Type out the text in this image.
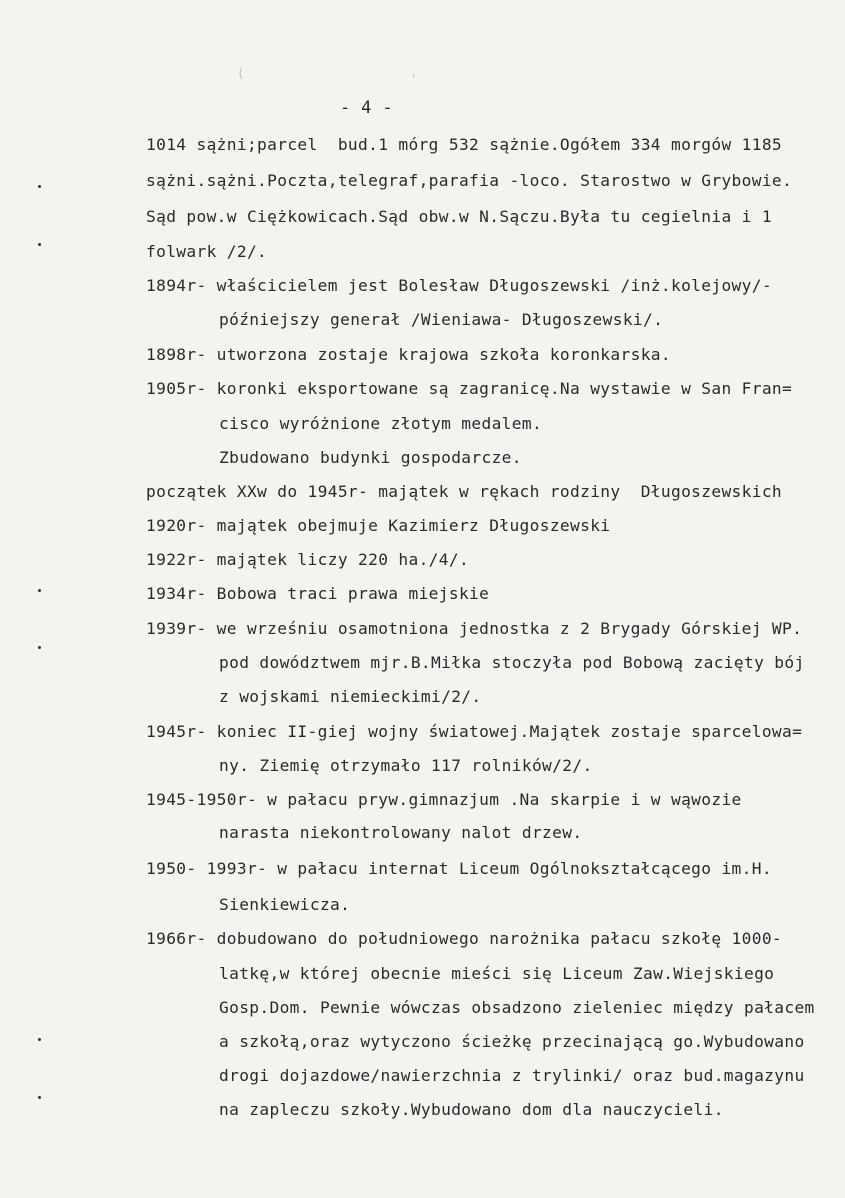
(	'
- 4 -
1014 sążni;parcel  bud.1 mórg 532 sążnie.Ogółem 334 morgów 1185
sążni.sążni.Poczta,telegraf,parafia -loco. Starostwo w Grybowie.
Sąd pow.w Ciężkowicach.Sąd obw.w N.Sączu.Była tu cegielnia i 1
folwark /2/.
1894r- właścicielem jest Bolesław Długoszewski /inż.kolejowy/-
późniejszy generał /Wieniawa- Długoszewski/.
1898r- utworzona zostaje krajowa szkoła koronkarska.
1905r- koronki eksportowane są zagranicę.Na wystawie w San Fran=
cisco wyróżnione złotym medalem.
Zbudowano budynki gospodarcze.
początek XXw do 1945r- majątek w rękach rodziny  Długoszewskich
1920r- majątek obejmuje Kazimierz Długoszewski
1922r- majątek liczy 220 ha./4/.
1934r- Bobowa traci prawa miejskie
1939r- we wrześniu osamotniona jednostka z 2 Brygady Górskiej WP.
pod dowództwem mjr.B.Miłka stoczyła pod Bobową zacięty bój
z wojskami niemieckimi/2/.
1945r- koniec II-giej wojny światowej.Majątek zostaje sparcelowa=
ny. Ziemię otrzymało 117 rolników/2/.
1945-1950r- w pałacu pryw.gimnazjum .Na skarpie i w wąwozie
narasta niekontrolowany nalot drzew.
1950- 1993r- w pałacu internat Liceum Ogólnokształcącego im.H.
Sienkiewicza.
1966r- dobudowano do południowego narożnika pałacu szkołę 1000-
latkę,w której obecnie mieści się Liceum Zaw.Wiejskiego
Gosp.Dom. Pewnie wówczas obsadzono zieleniec między pałacem
a szkołą,oraz wytyczono ścieżkę przecinającą go.Wybudowano
drogi dojazdowe/nawierzchnia z trylinki/ oraz bud.magazynu
na zapleczu szkoły.Wybudowano dom dla nauczycieli.
